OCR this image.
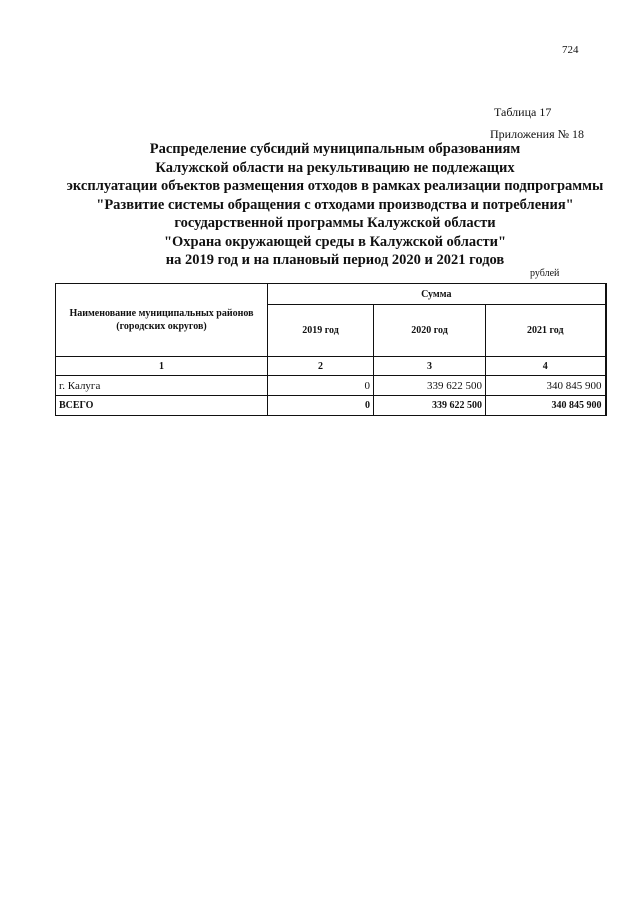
724
Таблица 17
Приложения № 18
Распределение субсидий муниципальным образованиям
Калужской области на рекультивацию не подлежащих
эксплуатации объектов размещения отходов в рамках реализации подпрограммы
"Развитие системы обращения с отходами производства и потребления"
государственной программы Калужской области
"Охрана окружающей среды в Калужской области"
на 2019 год и на плановый период 2020 и 2021 годов
рублей
Наименование муниципальных районов (городских округов)	Сумма		
	2019 год	2020 год	2021 год
1	2	3	4
г. Калуга	0	339 622 500	340 845 900
ВСЕГО	0	339 622 500	340 845 900
